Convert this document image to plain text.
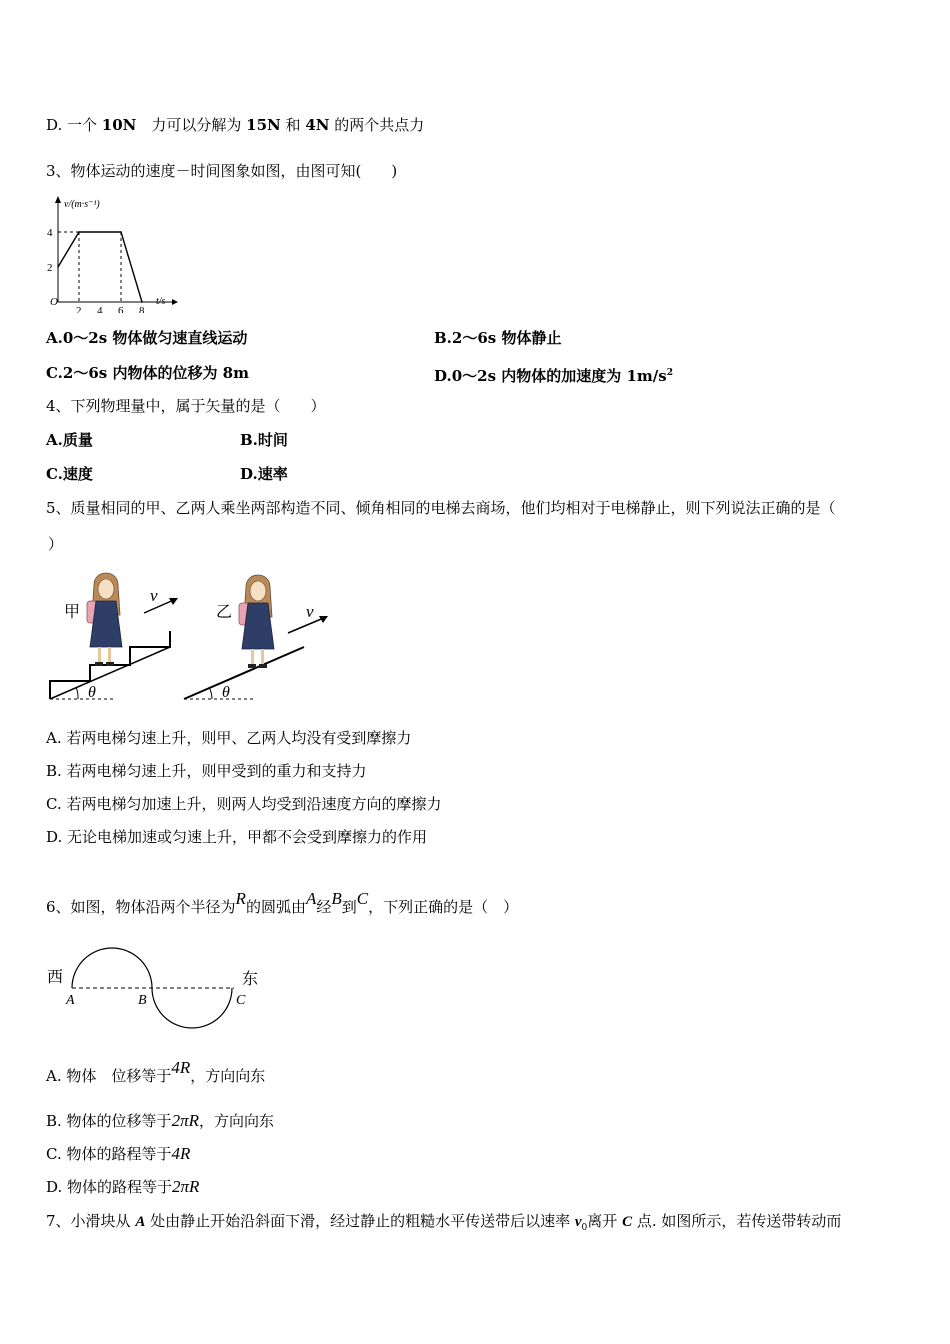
D. 一个 10N　力可以分解为 15N 和 4N 的两个共点力
3、物体运动的速度－时间图象如图，由图可知(　　)
v/(m·s⁻¹)
t/s
O
2
4
2 4 6 8
A.0～2s 物体做匀速直线运动	B.2～6s 物体静止
C.2～6s 内物体的位移为 8m	D.0～2s 内物体的加速度为 $1m/s^2$
4、下列物理量中，属于矢量的是（　　）
A.质量	B.时间
C.速度	D.速率
5、质量相同的甲、乙两人乘坐两部构造不同、倾角相同的电梯去商场，他们均相对于电梯静止，则下列说法正确的是（
）
θ
甲
v
θ
乙	v
A. 若两电梯匀速上升，则甲、乙两人均没有受到摩擦力
B. 若两电梯匀速上升，则甲受到的重力和支持力
C. 若两电梯匀加速上升，则两人均受到沿速度方向的摩擦力
D. 无论电梯加速或匀速上升，甲都不会受到摩擦力的作用
6、如图，物体沿两个半径为R的圆弧由A经B到C，下列正确的是（　）
西	东
A	B	C
A. 物体　位移等于4R，方向向东
B. 物体的位移等于2πR，方向向东
C. 物体的路程等于4R
D. 物体的路程等于2πR
7、小滑块从 A 处由静止开始沿斜面下滑，经过静止的粗糙水平传送带后以速率 $v_0$离开 C 点. 如图所示，若传送带转动而
